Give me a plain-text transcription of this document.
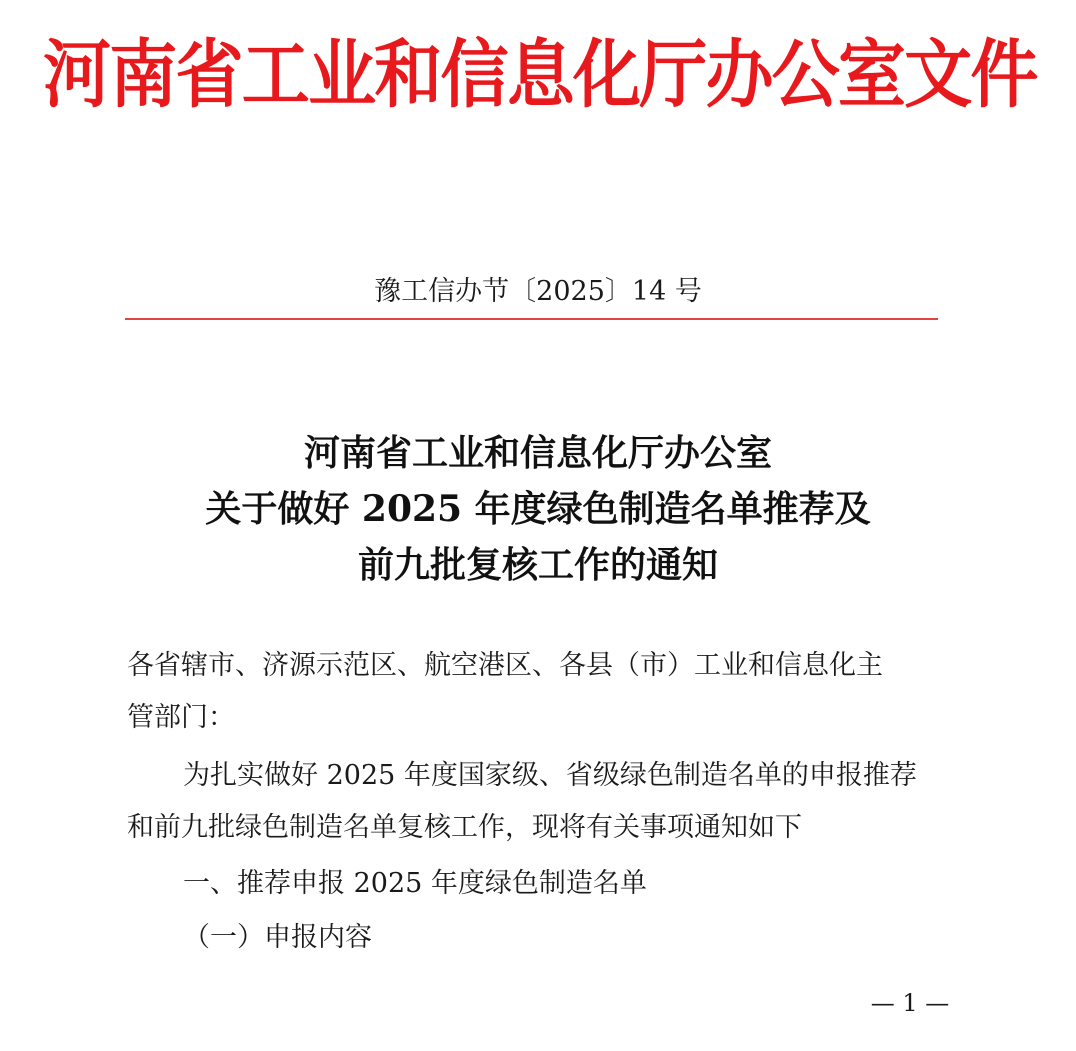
河南省工业和信息化厅办公室文件
豫工信办节〔2025〕14 号
河南省工业和信息化厅办公室
关于做好 2025 年度绿色制造名单推荐及
前九批复核工作的通知
各省辖市、济源示范区、航空港区、各县（市）工业和信息化主
管部门：
为扎实做好 2025 年度国家级、省级绿色制造名单的申报推荐
和前九批绿色制造名单复核工作，现将有关事项通知如下
一、推荐申报 2025 年度绿色制造名单
（一）申报内容
— 1 —
